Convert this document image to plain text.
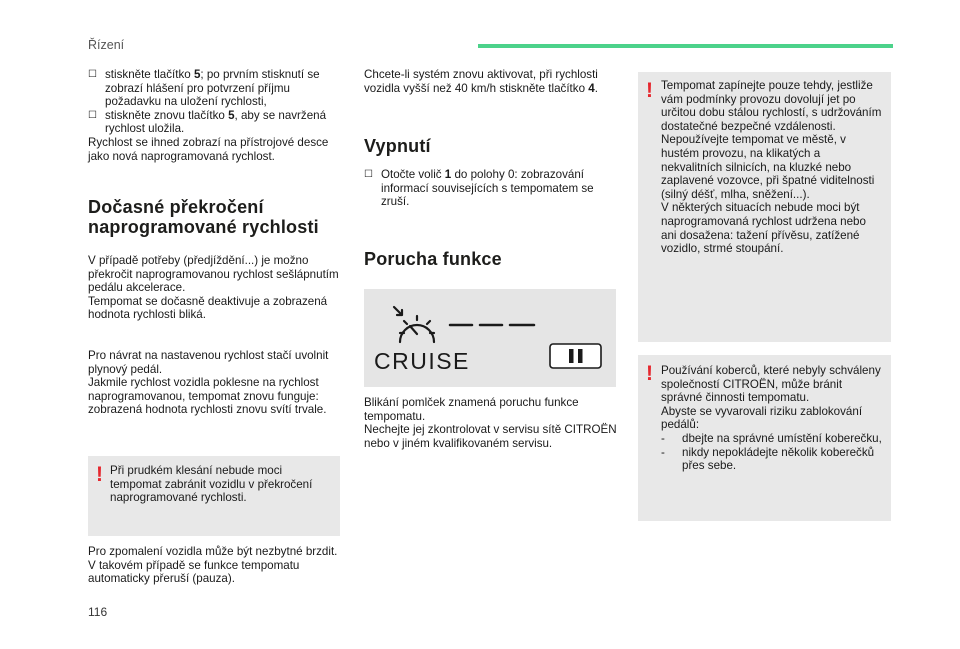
Řízení
☐ stiskněte tlačítko 5; po prvním stisknutí se zobrazí hlášení pro potvrzení příjmu požadavku na uložení rychlosti,
☐ stiskněte znovu tlačítko 5, aby se navržená rychlost uložila.

Rychlost se ihned zobrazí na přístrojové desce jako nová naprogramovaná rychlost.

Dočasné překročení
naprogramované rychlosti

V případě potřeby (předjíždění...) je možno překročit naprogramovanou rychlost sešlápnutím pedálu akcelerace.

Tempomat se dočasně deaktivuje a zobrazená hodnota rychlosti bliká.

Pro návrat na nastavenou rychlost stačí uvolnit plynový pedál.

Jakmile rychlost vozidla poklesne na rychlost naprogramovanou, tempomat znovu funguje: zobrazená hodnota rychlosti znovu svítí trvale.

! Při prudkém klesání nebude moci tempomat zabránit vozidlu v překročení naprogramované rychlosti.

Pro zpomalení vozidla může být nezbytné brzdit. V takovém případě se funkce tempomatu automaticky přeruší (pauza).

Chcete-li systém znovu aktivovat, při rychlosti vozidla vyšší než 40 km/h stiskněte tlačítko 4.

Vypnutí
☐ Otočte volič 1 do polohy 0: zobrazování informací souvisejících s tempomatem se zruší.
Porucha funkce
CRUISE

Blikání pomlček znamená poruchu funkce tempomatu.

Nechejte jej zkontrolovat v servisu sítě CITROËN nebo v jiném kvalifikovaném servisu.

! Tempomat zapínejte pouze tehdy, jestliže vám podmínky provozu dovolují jet po určitou dobu stálou rychlostí, s udržováním dostatečné bezpečné vzdálenosti.

Nepoužívejte tempomat ve městě, v hustém provozu, na klikatých a nekvalitních silnicích, na kluzké nebo zaplavené vozovce, při špatné viditelnosti (silný déšť, mlha, sněžení...).

V některých situacích nebude moci být naprogramovaná rychlost udržena nebo ani dosažena: tažení přívěsu, zatížené vozidlo, strmé stoupání.

! Používání koberců, které nebyly schváleny společností CITROËN, může bránit správné činnosti tempomatu.

Abyste se vyvarovali riziku zablokování pedálů:

-	dbejte na správné umístění koberečku,
-	nikdy nepokládejte několik koberečků přes sebe.
116
